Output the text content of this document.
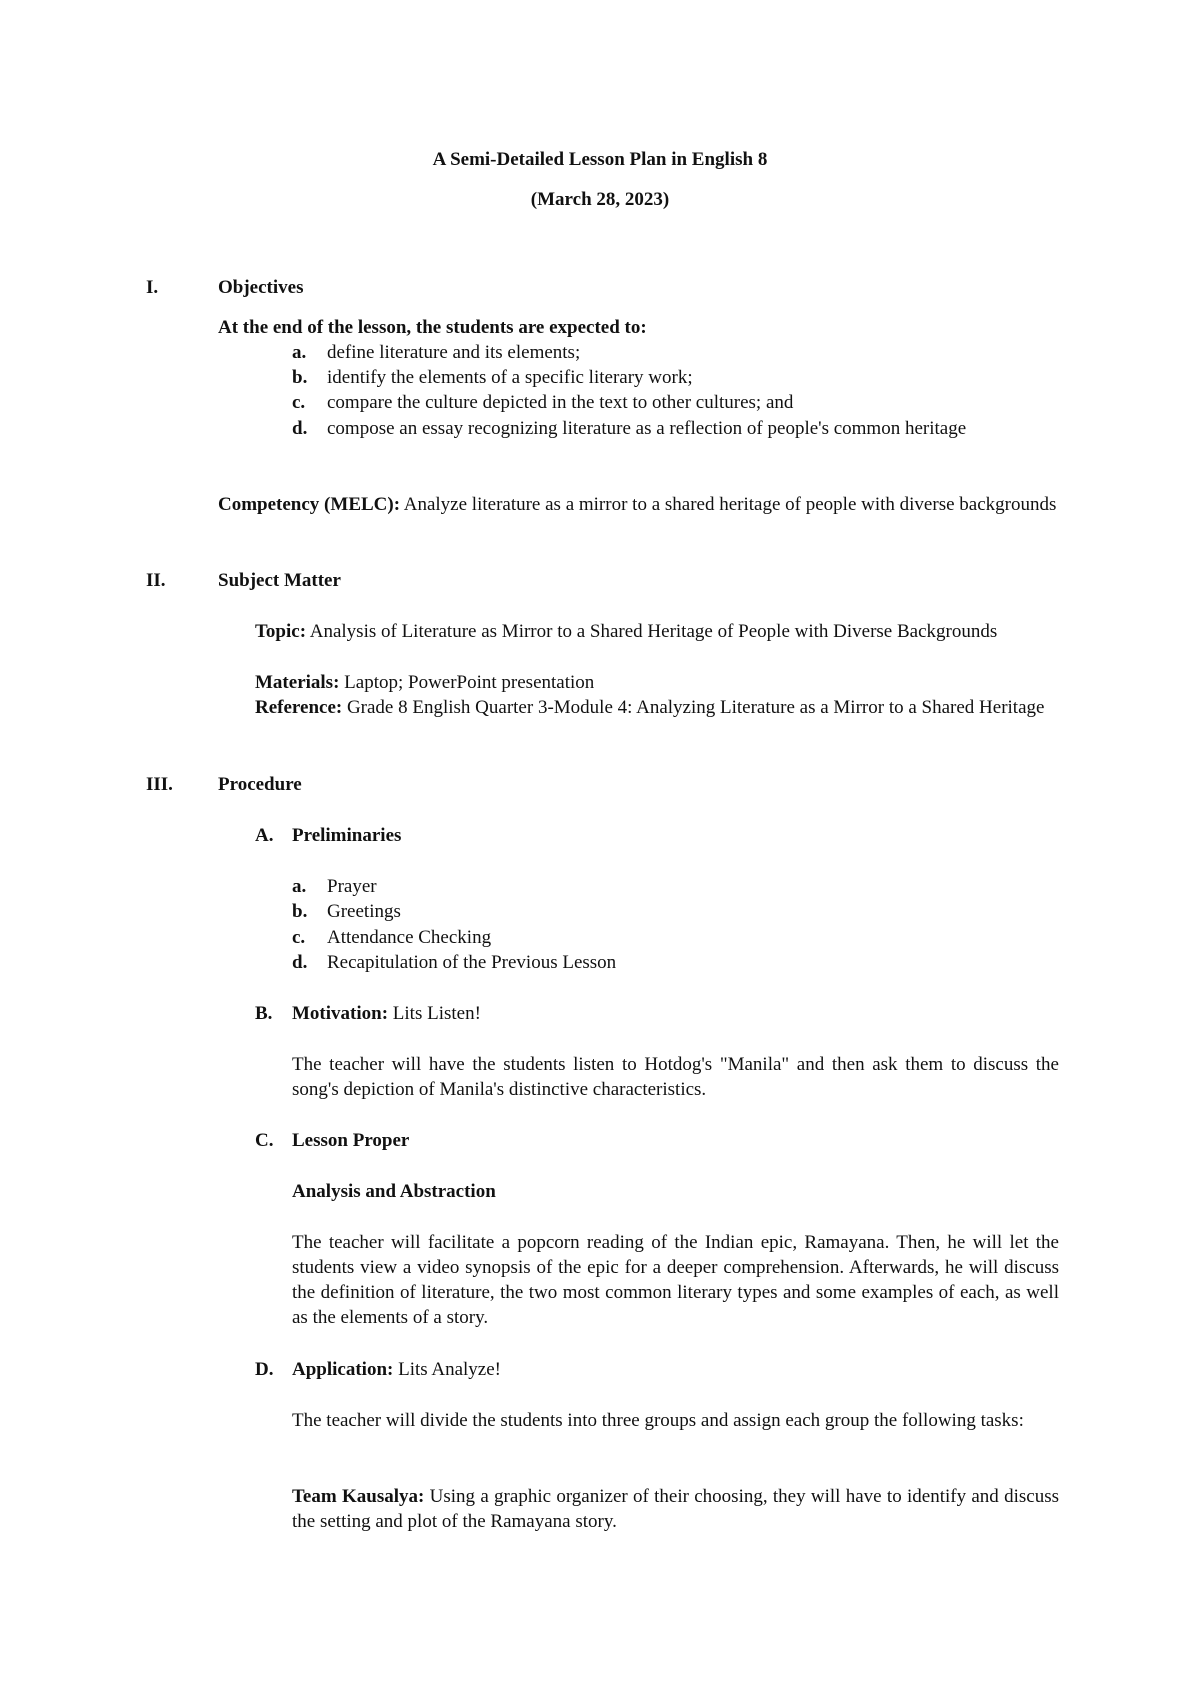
A Semi-Detailed Lesson Plan in English 8
(March 28, 2023)
I.	Objectives
At the end of the lesson, the students are expected to:
a.	define literature and its elements;
b.	identify the elements of a specific literary work;
c.	compare the culture depicted in the text to other cultures; and
d.	compose an essay recognizing literature as a reflection of people's common heritage
Competency (MELC): Analyze literature as a mirror to a shared heritage of people with diverse backgrounds
II.	Subject Matter
Topic: Analysis of Literature as Mirror to a Shared Heritage of People with Diverse Backgrounds
Materials: Laptop; PowerPoint presentation
Reference: Grade 8 English Quarter 3-Module 4: Analyzing Literature as a Mirror to a Shared Heritage
III.	Procedure
A. Preliminaries
a.	Prayer
b.	Greetings
c.	Attendance Checking
d.	Recapitulation of the Previous Lesson
B.	Motivation: Lits Listen!
The teacher will have the students listen to Hotdog's "Manila" and then ask them to discuss the song's depiction of Manila's distinctive characteristics.
C. Lesson Proper
Analysis and Abstraction
The teacher will facilitate a popcorn reading of the Indian epic, Ramayana. Then, he will let the students view a video synopsis of the epic for a deeper comprehension. Afterwards, he will discuss the definition of literature, the two most common literary types and some examples of each, as well as the elements of a story.
D. Application: Lits Analyze!
The teacher will divide the students into three groups and assign each group the following tasks:
Team Kausalya: Using a graphic organizer of their choosing, they will have to identify and discuss the setting and plot of the Ramayana story.
